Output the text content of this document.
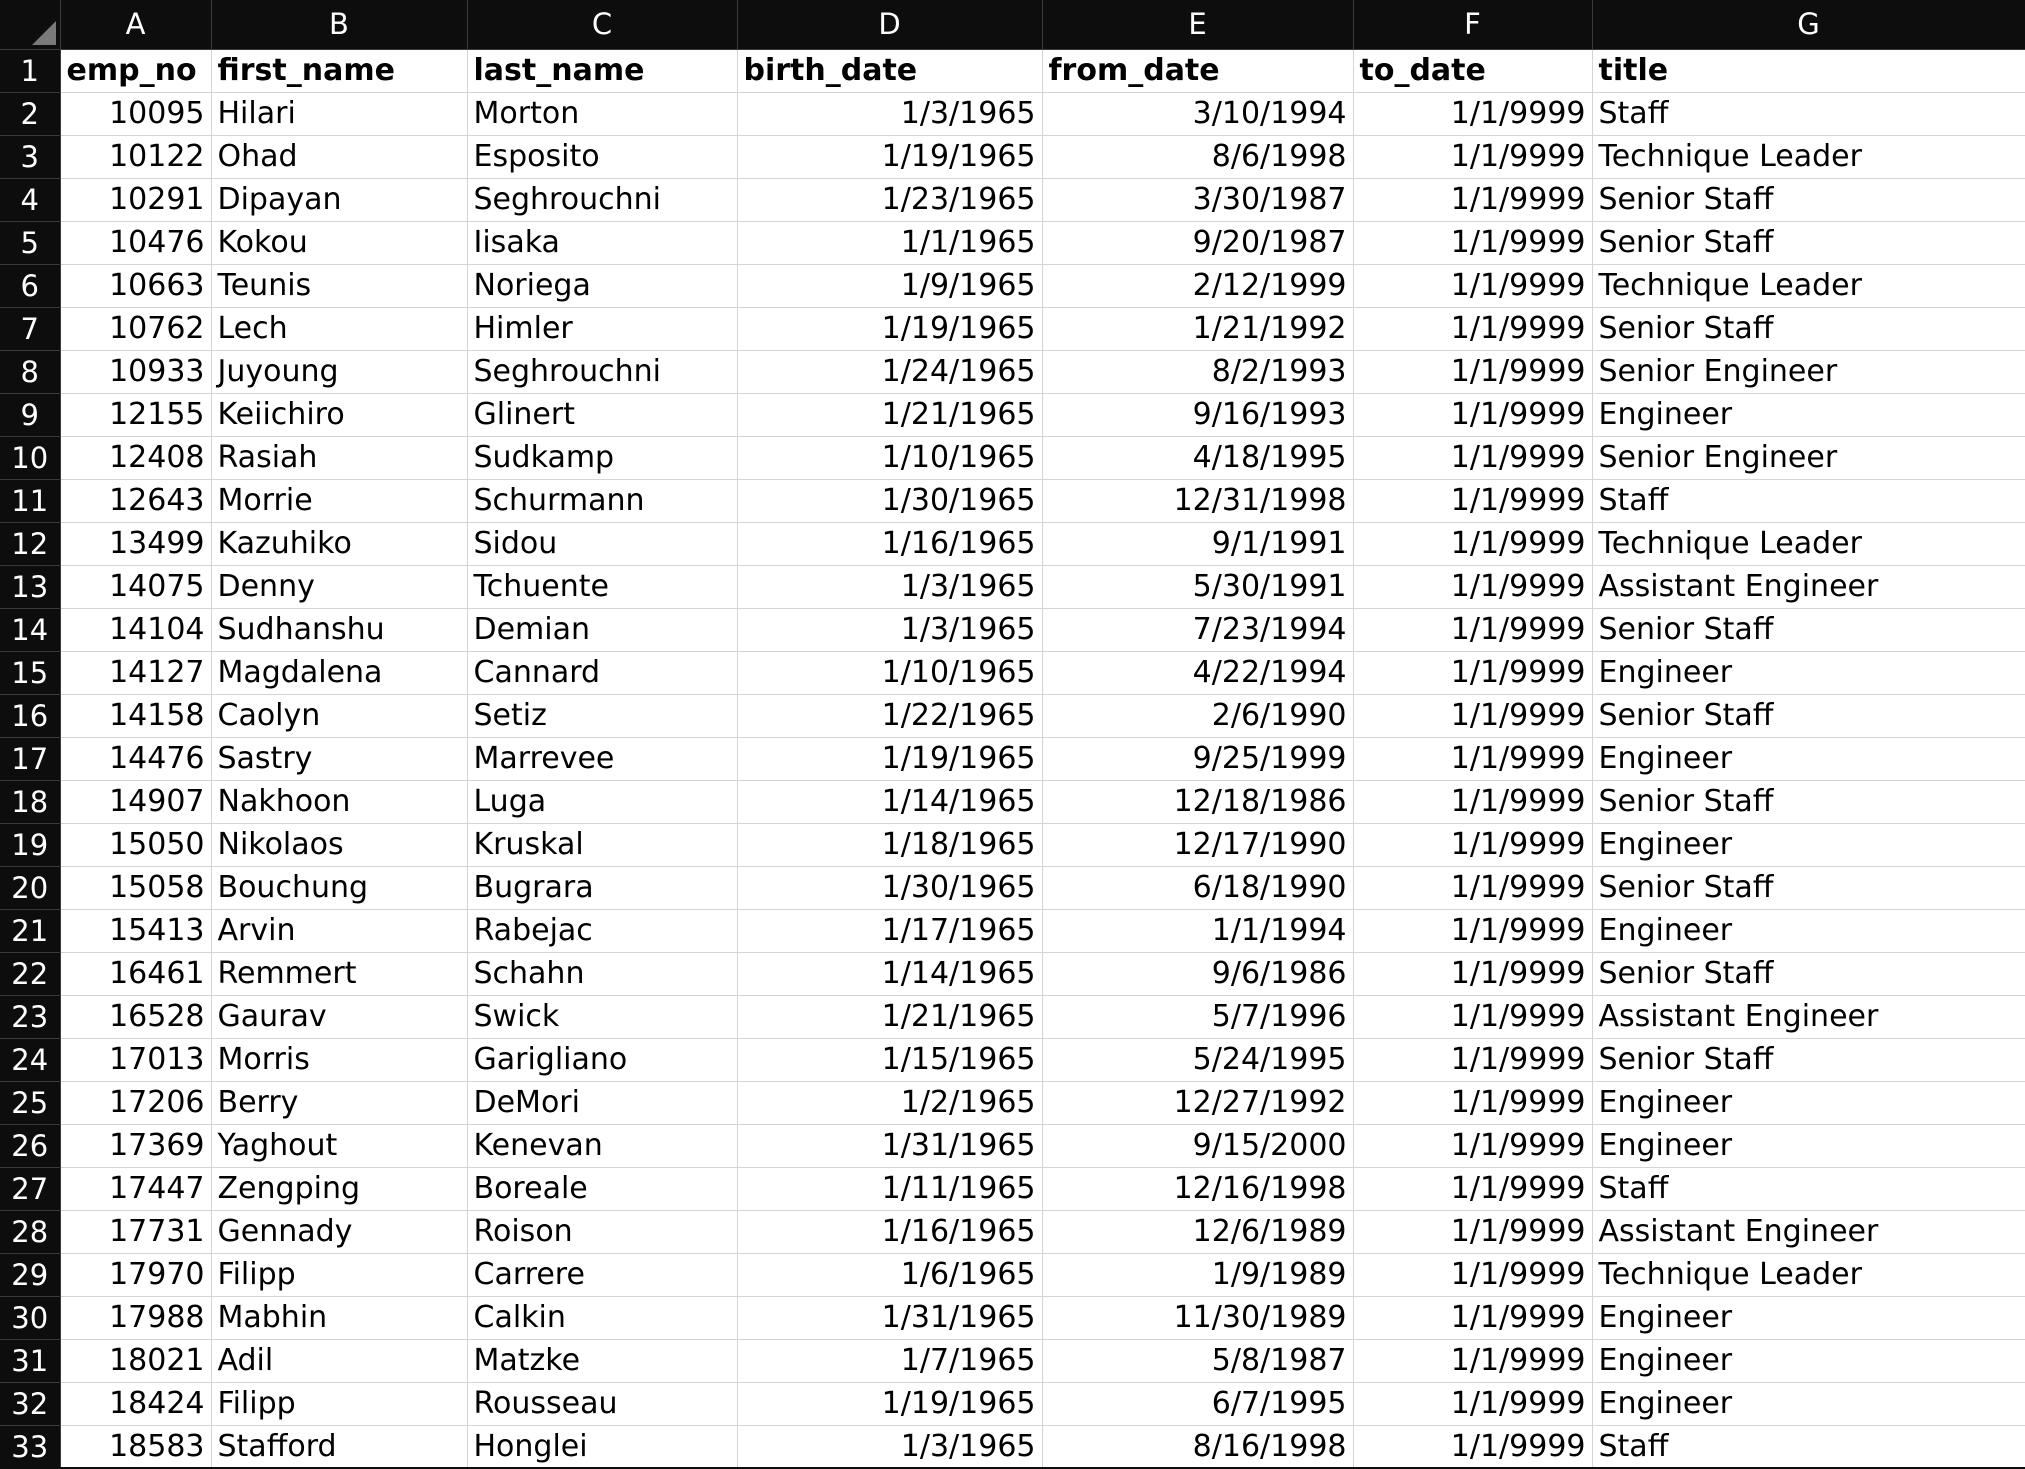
	A	B	C	D	E	F	G
1	emp_no	first_name	last_name	birth_date	from_date	to_date	title
2	10095	Hilari	Morton	1/3/1965	3/10/1994	1/1/9999	Staff
3	10122	Ohad	Esposito	1/19/1965	8/6/1998	1/1/9999	Technique Leader
4	10291	Dipayan	Seghrouchni	1/23/1965	3/30/1987	1/1/9999	Senior Staff
5	10476	Kokou	Iisaka	1/1/1965	9/20/1987	1/1/9999	Senior Staff
6	10663	Teunis	Noriega	1/9/1965	2/12/1999	1/1/9999	Technique Leader
7	10762	Lech	Himler	1/19/1965	1/21/1992	1/1/9999	Senior Staff
8	10933	Juyoung	Seghrouchni	1/24/1965	8/2/1993	1/1/9999	Senior Engineer
9	12155	Keiichiro	Glinert	1/21/1965	9/16/1993	1/1/9999	Engineer
10	12408	Rasiah	Sudkamp	1/10/1965	4/18/1995	1/1/9999	Senior Engineer
11	12643	Morrie	Schurmann	1/30/1965	12/31/1998	1/1/9999	Staff
12	13499	Kazuhiko	Sidou	1/16/1965	9/1/1991	1/1/9999	Technique Leader
13	14075	Denny	Tchuente	1/3/1965	5/30/1991	1/1/9999	Assistant Engineer
14	14104	Sudhanshu	Demian	1/3/1965	7/23/1994	1/1/9999	Senior Staff
15	14127	Magdalena	Cannard	1/10/1965	4/22/1994	1/1/9999	Engineer
16	14158	Caolyn	Setiz	1/22/1965	2/6/1990	1/1/9999	Senior Staff
17	14476	Sastry	Marrevee	1/19/1965	9/25/1999	1/1/9999	Engineer
18	14907	Nakhoon	Luga	1/14/1965	12/18/1986	1/1/9999	Senior Staff
19	15050	Nikolaos	Kruskal	1/18/1965	12/17/1990	1/1/9999	Engineer
20	15058	Bouchung	Bugrara	1/30/1965	6/18/1990	1/1/9999	Senior Staff
21	15413	Arvin	Rabejac	1/17/1965	1/1/1994	1/1/9999	Engineer
22	16461	Remmert	Schahn	1/14/1965	9/6/1986	1/1/9999	Senior Staff
23	16528	Gaurav	Swick	1/21/1965	5/7/1996	1/1/9999	Assistant Engineer
24	17013	Morris	Garigliano	1/15/1965	5/24/1995	1/1/9999	Senior Staff
25	17206	Berry	DeMori	1/2/1965	12/27/1992	1/1/9999	Engineer
26	17369	Yaghout	Kenevan	1/31/1965	9/15/2000	1/1/9999	Engineer
27	17447	Zengping	Boreale	1/11/1965	12/16/1998	1/1/9999	Staff
28	17731	Gennady	Roison	1/16/1965	12/6/1989	1/1/9999	Assistant Engineer
29	17970	Filipp	Carrere	1/6/1965	1/9/1989	1/1/9999	Technique Leader
30	17988	Mabhin	Calkin	1/31/1965	11/30/1989	1/1/9999	Engineer
31	18021	Adil	Matzke	1/7/1965	5/8/1987	1/1/9999	Engineer
32	18424	Filipp	Rousseau	1/19/1965	6/7/1995	1/1/9999	Engineer
33	18583	Stafford	Honglei	1/3/1965	8/16/1998	1/1/9999	Staff
